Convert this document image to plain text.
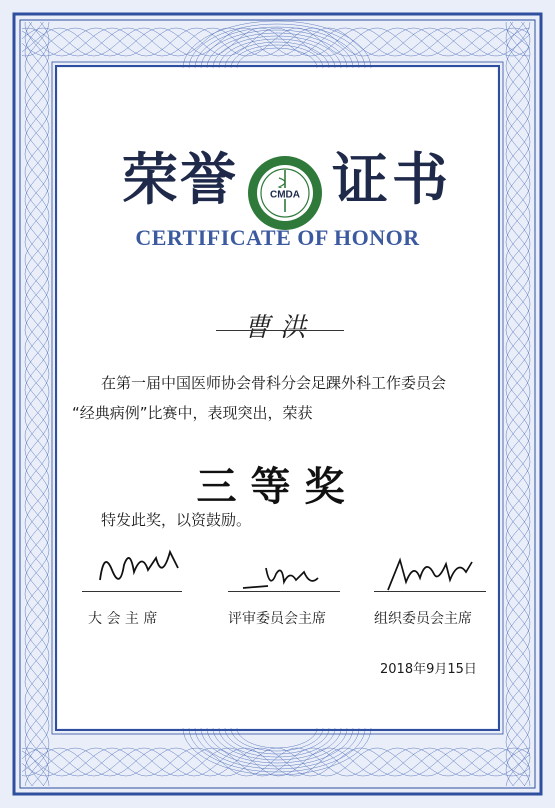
荣 誉 证 书
CMDA
CERTIFICATE OF HONOR
曹洪
在第一届中国医师协会骨科分会足踝外科工作委员会
“经典病例”比赛中，表现突出，荣获
三等奖
特发此奖，以资鼓励。
大 会 主 席	评审委员会主席	组织委员会主席
2018年9月15日
